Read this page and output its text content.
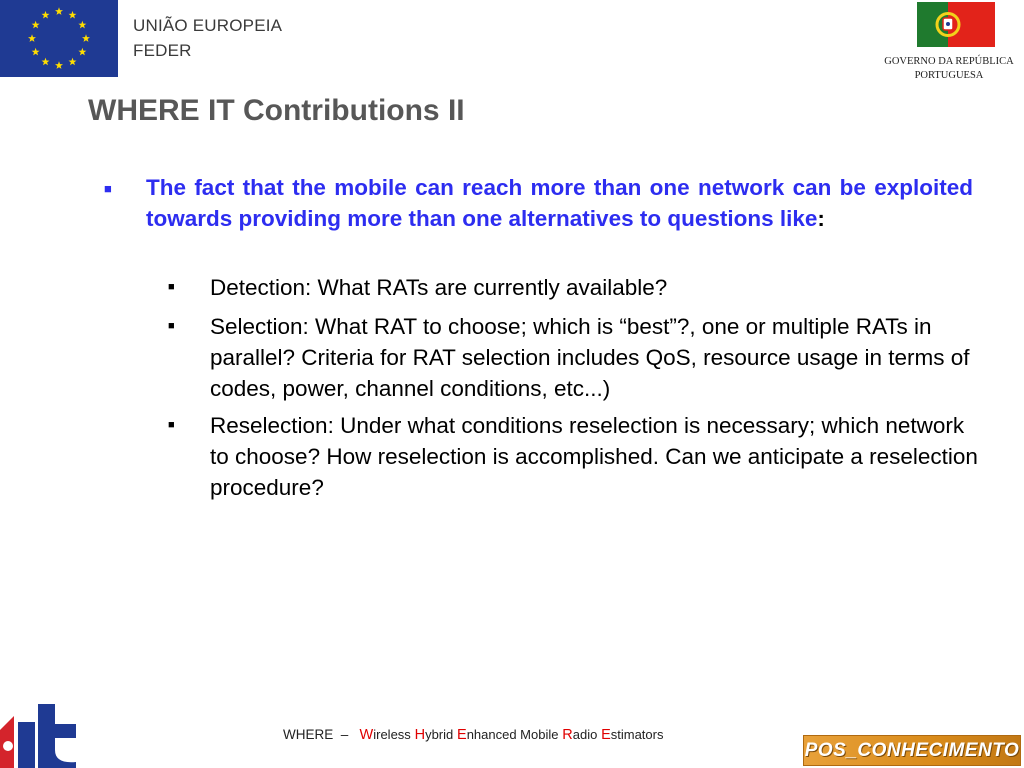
UNIÃO EUROPEIA
FEDER
GOVERNO DA REPÚBLICA
PORTUGUESA
WHERE IT Contributions II
■ The fact that the mobile can reach more than one network can be exploited towards providing more than one alternatives to questions like:

■ Detection: What RATs are currently available?

■ Selection: What RAT to choose; which is “best”?, one or multiple RATs in parallel? Criteria for RAT selection includes QoS, resource usage in terms of codes, power, channel conditions, etc...)

■ Reselection: Under what conditions reselection is necessary; which network to choose? How reselection is accomplished. Can we anticipate a reselection procedure?

WHERE – Wireless Hybrid Enhanced Mobile Radio Estimators
POS_CONHECIMENTO
